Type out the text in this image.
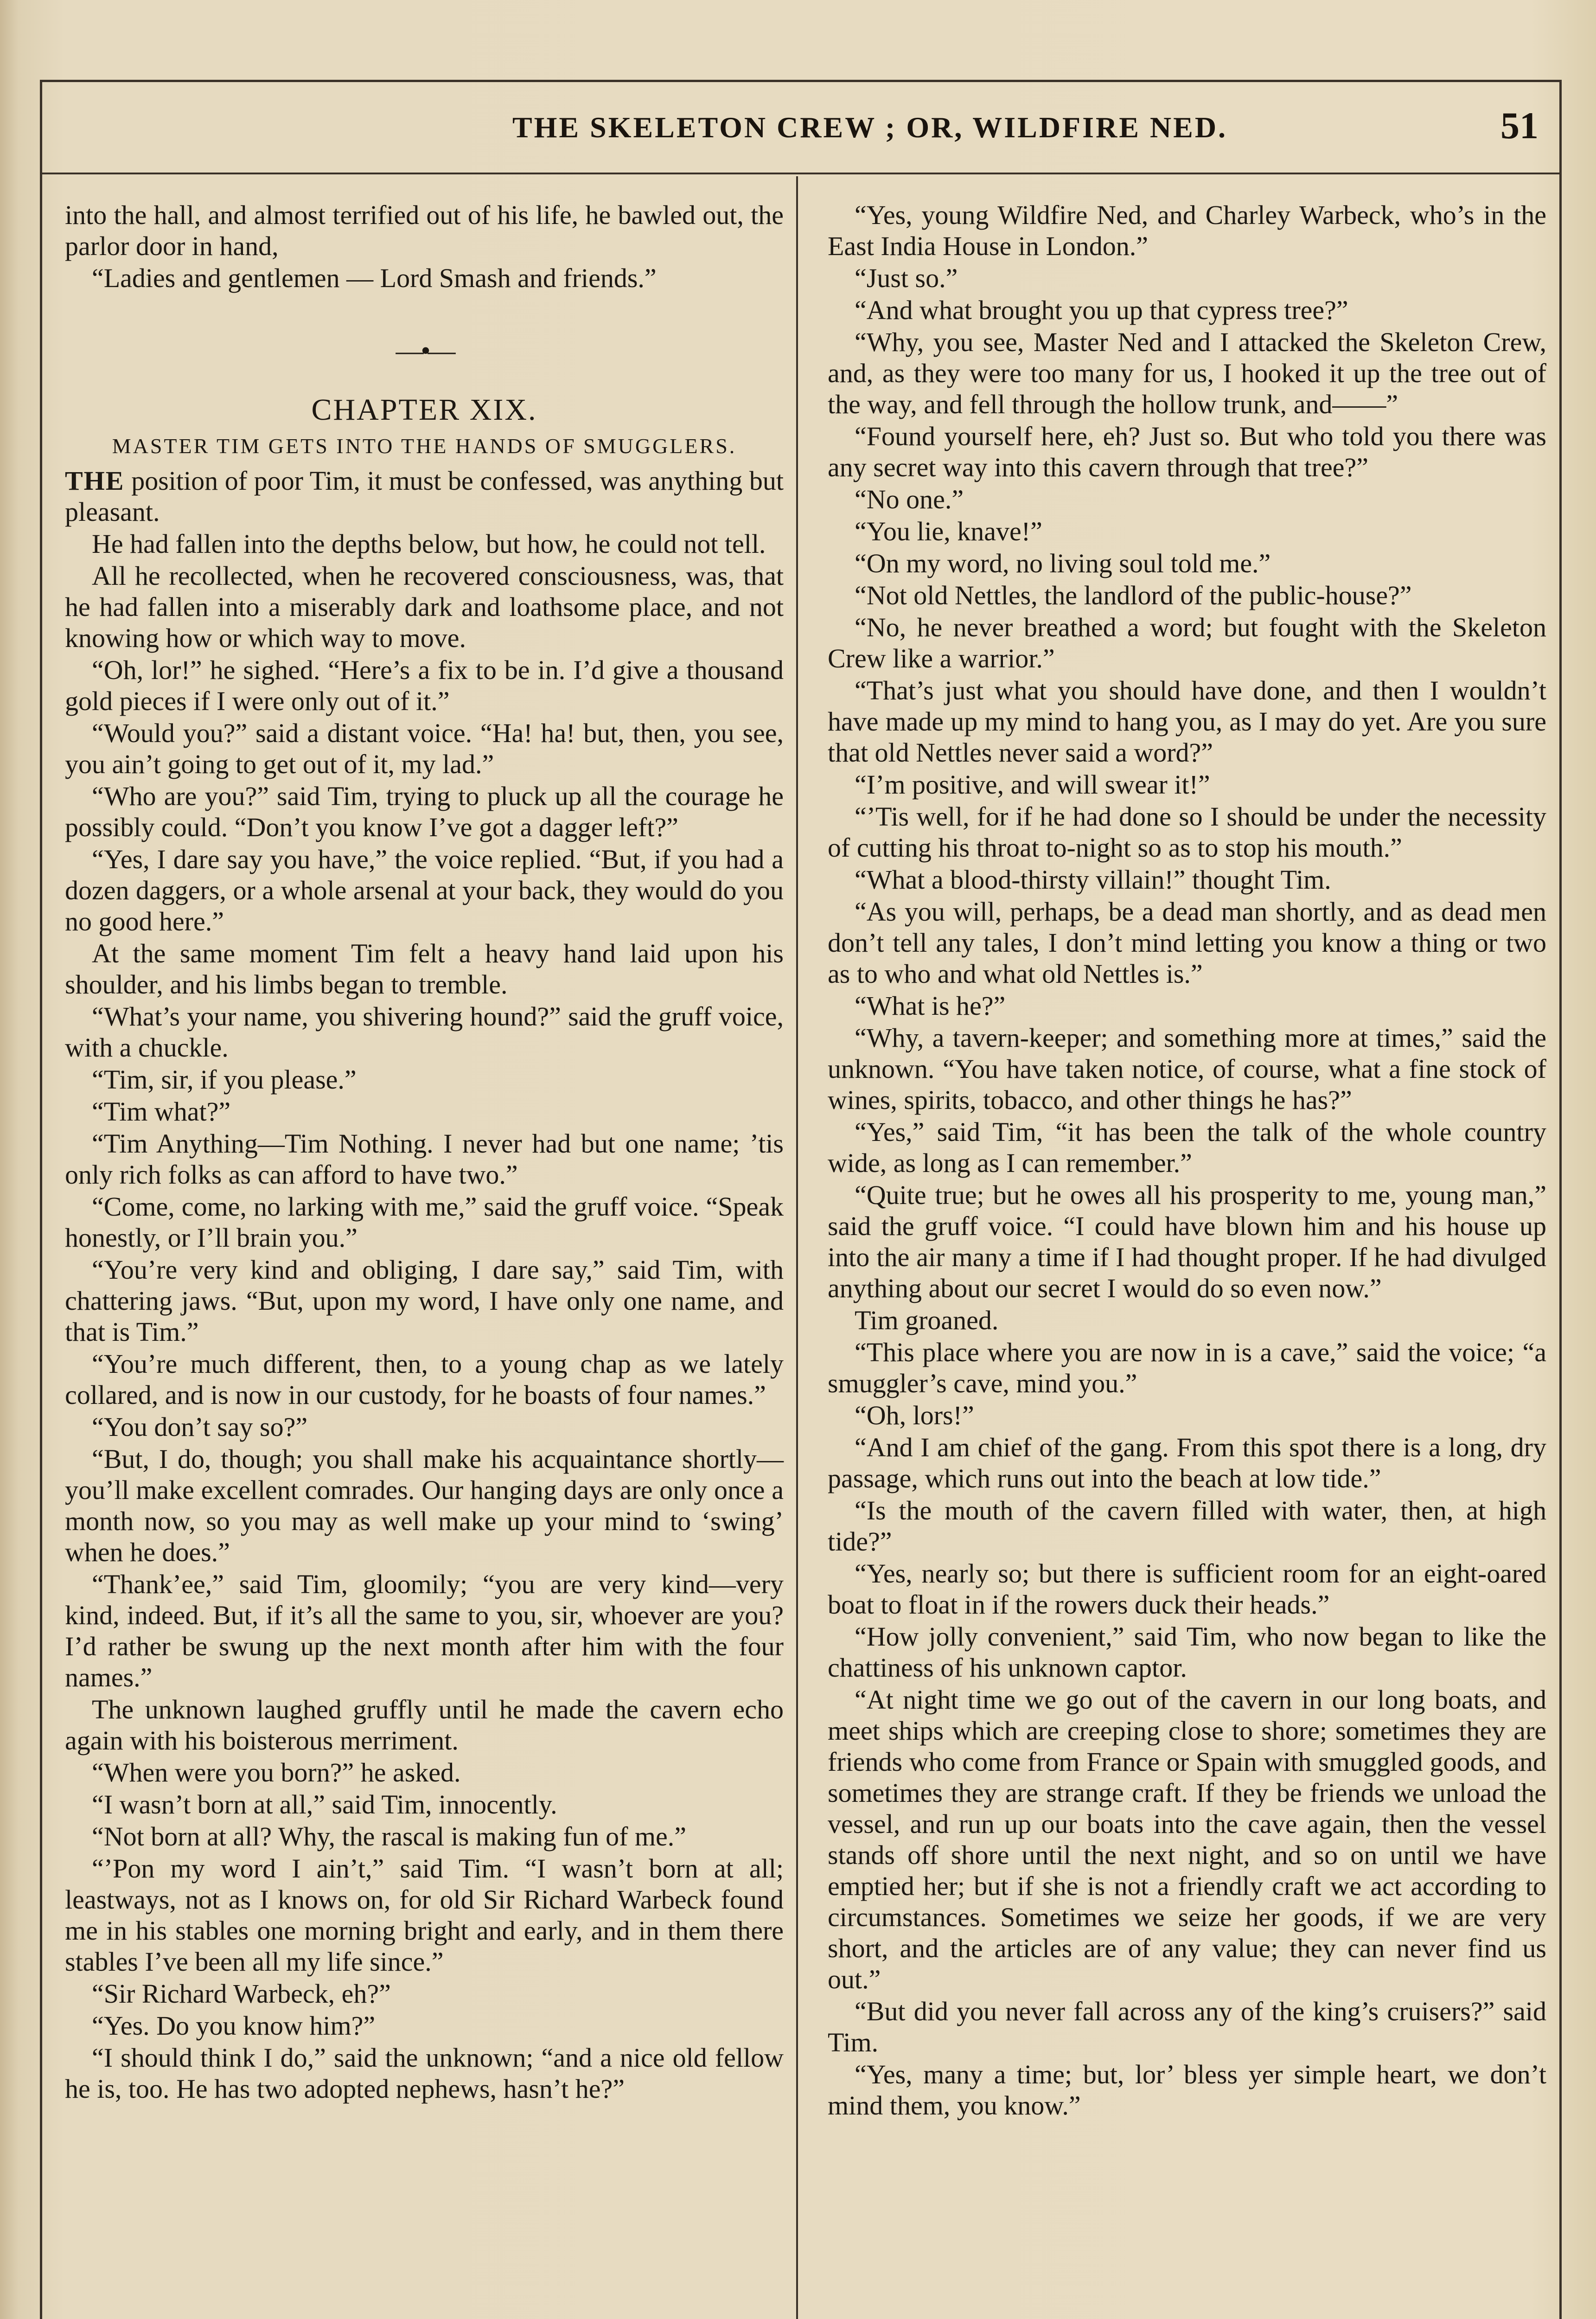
THE SKELETON CREW ; OR, WILDFIRE NED.	51

into the hall, and almost terrified out of his life, he bawled out, the parlor door in hand,

“Ladies and gentlemen — Lord Smash and friends.”

—•—
CHAPTER XIX.
MASTER TIM GETS INTO THE HANDS OF SMUGGLERS.

THE position of poor Tim, it must be confessed, was anything but pleasant.

He had fallen into the depths below, but how, he could not tell.

All he recollected, when he recovered consciousness, was, that he had fallen into a miserably dark and loathsome place, and not knowing how or which way to move.

“Oh, lor!” he sighed. “Here’s a fix to be in. I’d give a thousand gold pieces if I were only out of it.”

“Would you?” said a distant voice. “Ha! ha! but, then, you see, you ain’t going to get out of it, my lad.”

“Who are you?” said Tim, trying to pluck up all the courage he possibly could. “Don’t you know I’ve got a dagger left?”

“Yes, I dare say you have,” the voice replied. “But, if you had a dozen daggers, or a whole arsenal at your back, they would do you no good here.”

At the same moment Tim felt a heavy hand laid upon his shoulder, and his limbs began to tremble.

“What’s your name, you shivering hound?” said the gruff voice, with a chuckle.

“Tim, sir, if you please.”

“Tim what?”

“Tim Anything—Tim Nothing. I never had but one name; ’tis only rich folks as can afford to have two.”

“Come, come, no larking with me,” said the gruff voice. “Speak honestly, or I’ll brain you.”

“You’re very kind and obliging, I dare say,” said Tim, with chattering jaws. “But, upon my word, I have only one name, and that is Tim.”

“You’re much different, then, to a young chap as we lately collared, and is now in our custody, for he boasts of four names.”

“You don’t say so?”

“But, I do, though; you shall make his acquaintance shortly—you’ll make excellent comrades. Our hanging days are only once a month now, so you may as well make up your mind to ‘swing’ when he does.”

“Thank’ee,” said Tim, gloomily; “you are very kind—very kind, indeed. But, if it’s all the same to you, sir, whoever are you? I’d rather be swung up the next month after him with the four names.”

The unknown laughed gruffly until he made the cavern echo again with his boisterous merriment.

“When were you born?” he asked.

“I wasn’t born at all,” said Tim, innocently.

“Not born at all? Why, the rascal is making fun of me.”

“’Pon my word I ain’t,” said Tim. “I wasn’t born at all; leastways, not as I knows on, for old Sir Richard Warbeck found me in his stables one morning bright and early, and in them there stables I’ve been all my life since.”

“Sir Richard Warbeck, eh?”

“Yes. Do you know him?”

“I should think I do,” said the unknown; “and a nice old fellow he is, too. He has two adopted nephews, hasn’t he?”

“Yes, young Wildfire Ned, and Charley Warbeck, who’s in the East India House in London.”

“Just so.”

“And what brought you up that cypress tree?”

“Why, you see, Master Ned and I attacked the Skeleton Crew, and, as they were too many for us, I hooked it up the tree out of the way, and fell through the hollow trunk, and——”

“Found yourself here, eh? Just so. But who told you there was any secret way into this cavern through that tree?”

“No one.”

“You lie, knave!”

“On my word, no living soul told me.”

“Not old Nettles, the landlord of the public-house?”

“No, he never breathed a word; but fought with the Skeleton Crew like a warrior.”

“That’s just what you should have done, and then I wouldn’t have made up my mind to hang you, as I may do yet. Are you sure that old Nettles never said a word?”

“I’m positive, and will swear it!”

“’Tis well, for if he had done so I should be under the necessity of cutting his throat to-night so as to stop his mouth.”

“What a blood-thirsty villain!” thought Tim.

“As you will, perhaps, be a dead man shortly, and as dead men don’t tell any tales, I don’t mind letting you know a thing or two as to who and what old Nettles is.”

“What is he?”

“Why, a tavern-keeper; and something more at times,” said the unknown. “You have taken notice, of course, what a fine stock of wines, spirits, tobacco, and other things he has?”

“Yes,” said Tim, “it has been the talk of the whole country wide, as long as I can remember.”

“Quite true; but he owes all his prosperity to me, young man,” said the gruff voice. “I could have blown him and his house up into the air many a time if I had thought proper. If he had divulged anything about our secret I would do so even now.”

Tim groaned.

“This place where you are now in is a cave,” said the voice; “a smuggler’s cave, mind you.”

“Oh, lors!”

“And I am chief of the gang. From this spot there is a long, dry passage, which runs out into the beach at low tide.”

“Is the mouth of the cavern filled with water, then, at high tide?”

“Yes, nearly so; but there is sufficient room for an eight-oared boat to float in if the rowers duck their heads.”

“How jolly convenient,” said Tim, who now began to like the chattiness of his unknown captor.

“At night time we go out of the cavern in our long boats, and meet ships which are creeping close to shore; sometimes they are friends who come from France or Spain with smuggled goods, and sometimes they are strange craft. If they be friends we unload the vessel, and run up our boats into the cave again, then the vessel stands off shore until the next night, and so on until we have emptied her; but if she is not a friendly craft we act according to circumstances. Sometimes we seize her goods, if we are very short, and the articles are of any value; they can never find us out.”

“But did you never fall across any of the king’s cruisers?” said Tim.

“Yes, many a time; but, lor’ bless yer simple heart, we don’t mind them, you know.”
